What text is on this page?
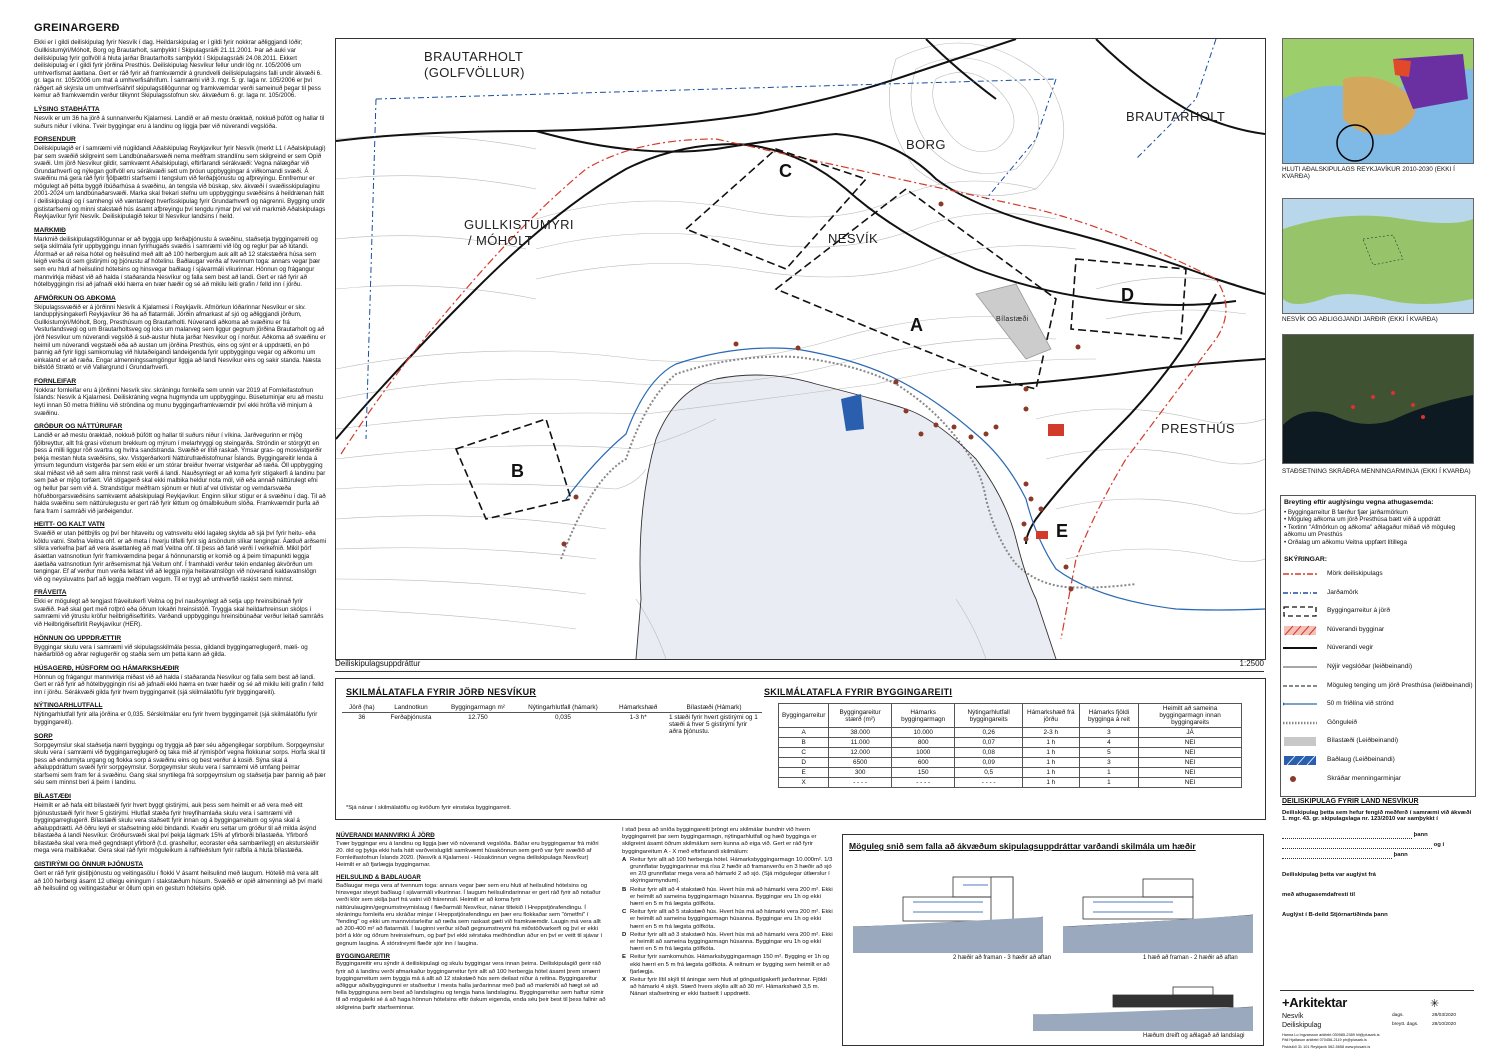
GREINARGERÐ

Ekki er í gildi deiliskipulag fyrir Nesvík í dag. Heildarskipulag er í gildi fyrir nokkrar aðliggjandi lóðir; Gullkistumýri/Móholt, Borg og Brautarholt, samþykkt í Skipulagsráði 21.11.2001. Þar að auki var deiliskipulag fyrir golfvöll á hluta jarðar Brautarholts samþykkt í Skipulagsráði 24.08.2011. Ekkert deiliskipulag er í gildi fyrir jörðina Presthús. Deiliskipulag Nesvíkur fellur undir lög nr. 105/2006 um umhverfismat áætlana. Gert er ráð fyrir að framkvæmdir á grundvelli deiliskipulagsins falli undir ákvæði 6. gr. laga nr. 105/2006 um mat á umhverfisáhrifum. Í samræmi við 3. mgr. 5. gr. laga nr. 105/2006 er því ráðgert að skýrsla um umhverfisáhrif skipulagstillögunnar og framkvæmdar verði sameinuð þegar til þess kemur að framkvæmdin verður tilkynnt Skipulagsstofnun skv. ákvæðum 6. gr. laga nr. 105/2006.

LÝSING STAÐHÁTTA

Nesvík er um 36 ha jörð á sunnanverðu Kjalarnesi. Landið er að mestu óræktað, nokkuð þúfótt og hallar til suðurs niður í víkina. Tveir byggingar eru á landinu og liggja þær við núverandi vegslóða.

FORSENDUR

Deiliskipulagið er í samræmi við núgildandi Aðalskipulag Reykjavíkur fyrir Nesvík (merkt L1 í Aðalskipulagi) þar sem svæðið skilgreint sem Landbúnaðarsvæði nema meðfram strandlínu sem skilgreind er sem Opið svæði. Um jörð Nesvíkur gildir, samkvæmt Aðalskipulagi, eftirfarandi sérákvæði: Vegna nálægðar við Grundarhverfi og nýlegan golfvöll eru sérákvæði sett um þróun uppbyggingar á viðkomandi svæði. Á svæðinu má gera ráð fyrir fjölþættri starfsemi í tengslum við ferðaþjónustu og afþreyingu. Ennfremur er mögulegt að þétta byggð íbúðarhúsa á svæðinu, án tengsla við búskap, skv. ákvæði í svæðisskipulaginu 2001-2024 um landbúnaðarsvæði. Marka skal frekari stefnu um uppbyggingu svæðisins á heildrænan hátt í deiliskipulagi og í samhengi við væntanlegt hverfisskipulag fyrir Grundarhverfi og nágrenni. Bygging undir gististarfsemi og minni stakstæð hús ásamt afþreyingu því tengdu rýmar því vel við markmið Aðalskipulags Reykjavíkur fyrir Nesvík. Deiliskipulagið tekur til Nesvíkur landsins í heild.

MARKMIÐ

Markmið deiliskipulagstillögunnar er að byggja upp ferðaþjónustu á svæðinu, staðsetja byggingarreiti og setja skilmála fyrir uppbyggingu innan fyrirhugaðs svæðis í samræmi við lög og reglur þar að lútandi. Áformað er að reisa hótel og heilsulind með allt að 100 herbergjum auk allt að 12 stakstæðra húsa sem leigð verða út sem gistirými og þjónustu af hótelinu. Baðlaugar verða af tvennum toga: annars vegar þær sem eru hluti af heilsulind hótelsins og hinsvegar baðlaug í sjávarmáli víkurinnar. Hönnun og frágangur mannvirkja miðast við að halda í staðaranda Nesvíkur og falla sem best að landi. Gert er ráð fyrir að hótelbyggingin rísi að jafnaði ekki hærra en tvær hæðir og sé að mikilu leiti grafin / felld inn í jörðu.

AFMÖRKUN OG AÐKOMA

Skipulagssvæðið er á jörðinni Nesvík á Kjalarnesi í Reykjavík. Afmörkun lóðarinnar Nesvíkur er skv. landupplýsingakerfi Reykjavíkur 36 ha að flatarmáli. Jörðin afmarkast af sjó og aðliggjandi jörðum, Gullkistumýri/Móholt, Borg, Presthúsum og Brautarholti. Núverandi aðkoma að svæðinu er frá Vesturlandsvegi og um Brautarholtsveg og loks um malarveg sem liggur gegnum jörðina Brautarholt og að jörð Nesvíkur um núverandi vegslóð á suð-austur hluta jarðar Nesvíkur og í norður. Aðkoma að svæðinu er heimil um núverandi vegstæði eða að austan um jörðina Presthús, eins og sýnt er á uppdrætti, en þó þannig að fyrir liggi samkomulag við hlutaðeigandi landeigenda fyrir uppbyggingu vegar og aðkomu um einkaland er að ræða. Engar almenningssamgöngur liggja að landi Nesvíkur eins og sakir standa. Næsta biðstöð Strætó er við Vallargrund í Grundarhverfi.

FORNLEIFAR

Nokkrar fornleifar eru á jörðinni Nesvík skv. skráningu fornleifa sem unnin var 2019 af Fornleifastofnun Íslands: Nesvík á Kjalarnesi. Deiliskráning vegna hugmynda um uppbyggingu. Búsetuminjar eru að mestu leyti innan 50 metra friðlínu við ströndina og munu byggingarframkvæmdir því ekki hrófla við minjum á svæðinu.

GRÓÐUR OG NÁTTÚRUFAR

Landið er að mestu óræktað, nokkuð þúfótt og hallar til suðurs niður í víkina. Jarðvegurinn er mjög fjölbreyttur, allt frá grasi vöxnum brekkum og mýrum í melarhryggi og steingarða. Ströndin er stórgrýtt en þess á milli liggur röð svartra og hvítra sandstranda. Svæðið er lítið raskað. Ýmsar gras- og mosvistgerðir þekja mestan hluta svæðisins, skv. Vistgerðarkorti Náttúrufræðistofnunar Íslands. Byggingareitir lenda á ýmsum tegundum vistgerða þar sem ekki er um stórar breiður hverrar vistgerðar að ræða. Öll uppbygging skal miðast við að sem allra minnst rask verði á landi. Nauðsynlegt er að koma fyrir stígakerfi á landinu þar sem það er mjög torfært. Við stígagerð skal ekki malbika heldur nota möl, við eða annað náttúrulegt efni og hellur þar sem við á. Strandstígur meðfram sjónum er hluti af vel útivistar og verndarsvæða höfuðborgarsvæðisins samkvæmt aðalskipulagi Reykjavíkur. Enginn slíkur stígur er á svæðinu í dag. Til að halda svæðinu sem náttúrulegustu er gert ráð fyrir léttum og ómalbikuðum slóða. Framkvæmdir þurfa að fara fram í samráði við jarðeigendur.

HEITT- OG KALT VATN

Svæðið er utan þéttbýlis og því ber hitaveitu og vatnsveitu ekki lagaleg skylda að sjá því fyrir heitu- eða köldu vatni. Stefna Veitna ohf. er að meta í hverju tilfelli fyrir sig ársöndum slíkar tengingar. Áætluð arðsemi slíkra verkefna þarf að vera ásættanleg að mati Veitna ohf. til þess að farið verði í verkefnið. Mikil þörf ásættan vatnsnotkun fyrir framkvæmdina þegar á hönnunarstig er komið og á þeim tímapunkti leggja áætlaða vatnsnotkun fyrir arðsemismat hjá Veitum ohf. Í framhaldi verður tekin endanleg ákvörðun um tengingar. Ef af verður mun verða leitast við að leggja nýja heitavatnslögn við núverandi kaldavatnslögn við og neysluvatns þarf að leggja meðfram vegum. Til er trygt að umhverfið raskist sem minnst.

FRÁVEITA

Ekki er mögulegt að tengjast fráveitukerfi Veitna og því nauðsynlegt að setja upp hreinsibúnað fyrir svæðið. Það skal gert með rotþró eða öðrum lokaðri hreinsistöð. Tryggja skal heildarhreinsun skólps í samræmi við ýtrustu kröfur heilbrigðiseftirlits. Varðandi uppbyggingu hreinsibúnaðar verður leitað samráðs við Heilbrigðiseftirlit Reykjavíkur (HER).

HÖNNUN OG UPPDRÆTTIR

Byggingar skulu vera í samræmi við skipulagsskilmála þessa, gildandi byggingarreglugerð, mæli- og hæðarblöð og aðrar reglugerðir og staðla sem um þetta kann að gilda.

HÚSAGERÐ, HÚSFORM OG HÁMARKSHÆÐIR

Hönnun og frágangur mannvirkja miðast við að halda í staðaranda Nesvíkur og falla sem best að landi. Gert er ráð fyrir að hótelbyggingin rísi að jafnaði ekki hærra en tvær hæðir og sé að mikilu leiti grafin / felld inn í jörðu. Sérákvæði gilda fyrir hvern byggingarreit (sjá skilmálatöflu fyrir byggingareiti).

NÝTINGARHLUTFALL

Nýtingarhlutfall fyrir alla jörðina er 0,035. Sérskilmálar eru fyrir hvern byggingarreit (sjá skilmálatöflu fyrir byggingareiti).

SORP

Sorpgeymslur skal staðsetja nærri byggingu og tryggja að þær séu aðgengilegar sorpbílum. Sorpgeymslur skulu vera í samræmi við byggingarreglugerð og taka mið af rýmisþörf vegna flokkunar sorps. Horfa skal til þess að endurnýta urgang og flokka sorp á svæðinu eins og best verður á kosið. Sýna skal á aðaluppdráttum svæði fyrir sorpgeymslur. Sorpgeymslur skulu vera í samræmi við umfang þeirrar starfsemi sem fram fer á svæðinu. Gang skal snyrtilega frá sorpgeymslum og staðsetja þær þannig að þær séu sem minnst beri á þeim í landinu.

BÍLASTÆÐI

Heimilt er að hafa eitt bílastæði fyrir hvert byggt gistirými, auk þess sem heimilt er að vera með eitt þjónustustæði fyrir hver 5 gistirými. Hlutfall stæða fyrir hreyfihamlaða skulu vera í samræmi við byggingarreglugerð. Bílastæði skulu vera staðsett fyrir innan og á byggingarreitum og sýna skal á aðaluppdrætti. Að öðru leyti er staðsetning ekki bindandi. Kvaðir eru settar um gróður til að milda ásýnd bílastæða á landi Nesvíkur. Gróðursvæði skal því þekja lágmark 15% af yfirborði bílastæða. Yfirborð bílastæða skal vera með gegndræpt yfirborð (t.d. grashellur, ecoraster eða sambærilegt) en akstursleiðir mega vera malbikaðar. Gera skal ráð fyrir möguleikum á rafhleðslum fyrir rafbíla á hluta bílastæða.

GISTIRÝMI OG ÖNNUR ÞJÓNUSTA

Gert er ráð fyrir gistiþjónustu og veitingasölu í flokki V ásamt heilsulind með laugum. Hótelið má vera allt að 100 herbergi ásamt 12 utleigu einingum í stakstæðum húsum. Svæðið er opið almenningi að því marki að heilsulind og veitingastaður er öllum opin en gestum hótelsins opið.

BRAUTARHOLT
(GOLFVÖLLUR)
BORG
BRAUTARHOLT
GULLKISTUMÝRI
/ MÓHOLT	NESVÍK
PRESTHÚS
Bílastæði
A
B
C
D
E
Deiliskipulagsuppdráttur	1:2500
SKILMÁLATAFLA FYRIR JÖRÐ NESVÍKUR
Jörð (ha)	Landnotkun	Byggingarmagn m²	Nýtingarhlutfall (hámark)	Hámarkshæð	Bílastæði (Hámark)
36	Ferðaþjónusta	12.750	0,035	1-3 h*	1 stæði fyrir hvert gistirými og 1 stæði á hver 5 gistirými fyrir aðra þjónustu.
*Sjá nánar í skilmálatöflu og kvöðum fyrir einstaka byggingarreit.
SKILMÁLATAFLA FYRIR BYGGINGAREITI
Byggingarreitur	Byggingareitur stærð (m²)	Hámarks byggingarmagn	Nýtingarhlutfall byggingareits	Hámarkshæð frá jörðu	Hámarks fjöldi bygginga á reit	Heimilt að sameina byggingarmagn innan byggingareits
A	38.000	10.000	0,26	2-3 h	3	JÁ
B	11.000	800	0,07	1 h	4	NEI
C	12.000	1000	0,08	1 h	5	NEI
D	6500	600	0,09	1 h	3	NEI
E	300	150	0,5	1 h	1	NEI
X	- - - -	- - - -	- - - -	1 h	1	NEI
NÚVERANDI MANNVIRKI Á JÖRÐ

Tvær byggingar eru á landinu og liggja þær við núverandi vegslóða. Báðar eru byggingarnar frá miðri 20. öld og þykja ekki hafa hátt varðveislugildi samkvæmt húsakönnun sem gerð var fyrir svæðið af Fornleifastofnun Íslands 2020. (Nesvík á Kjalarnesi - Húsakönnun vegna deiliskipulags Nesvíkur) Heimilt er að fjarlægja byggingarnar.

HEILSULIND & BAÐLAUGAR

Baðlaugar mega vera af tvennum toga: annars vegar þær sem eru hluti af heilsulind hótelsins og hinsvegar steypt baðlaug í sjávarmáli víkurinnar. Í laugum heilsulindarinnar er gert ráð fyrir að notaður verði klór sem skilja þarf frá vatni við frárennsli. Heimilt er að koma fyrir náttúrulauginn/gegnumstreymislaug í flæðarmáli Nesvíkur, nánar tiltekið í Hreppstjórafendingu. Í skráningu fornleifa eru skráðar minjar í Hreppstjórafendingu en þær eru flokkaðar sem "ómetfni" í "fending" og ekki um mannvistarleifar að ræða sem raskast gæti við framkvæmdir. Laugin má vera allt að 200-400 m² að flatarmáli. Í lauginni verður síðað gegnumstreymi frá miðstöðvarkerfi og því er ekki þörf á klór og öðrum hreinsiefnum, og þarf því ekki sérstaka meðhöndlun áður en því er veitt til sjávar í gegnum laugina. Á stórstreymi flæðir sjór inn í laugina.

BYGGINGAREITIR

Byggingareitir eru sýndir á deiliskipulagi og skulu byggingar vera innan þeirra. Deiliskipulagið gerir ráð fyrir að á landinu verði afmarkaður byggingarreitur fyrir allt að 100 herbergja hótel ásamt þrem smærri byggingarreitum sem byggja má á allt að 12 stakstæð hús sem deilast niður á reitina. Byggingareitur aðliggur aðalbyggingunni er staðsettur í mesta halla jarðarinnar með það að markmiði að hægt sé að fella bygginguna sem best að landslaginu og tengja hana landslaginu. Byggingarreitur sem haftur rúmir til að möguleiki sé á að haga hönnun hótelsins eftir óskum eigenda, enda séu þeir best til þess fallnir að skilgreina þarfir starfseminnar.

Í stað þess að sníða byggingareiti þröngt eru skilmálar bundnir við hvern byggingarreit þar sem byggingarmagn, nýtingarhlutfall og hæð bygginga er skilgreint ásamt öðrum skilmálum sem kunna að eiga við. Gert er ráð fyrir byggingareitum A - X með eftirfarandi skilmálum:

A Reitur fyrir allt að 100 herbergja hótel. Hámarksbyggingarmagn 10.000m². 1/3 grunnflatar byggingarinnar má rísa 2 hæðir að framanverðu en 3 hæðir að sjó en 2/3 grunnflatar mega vera að hámarki 2 að sjó. (Sjá mögulegar útlærslur í skýringarmyndum).
B Reitur fyrir allt að 4 stakstæð hús. Hvert hús má að hámarki vera 200 m². Ekki er heimilt að sameina byggingarmagn húsanna. Byggingar eru 1h og ekki hærri en 5 m frá lægsta gólfkóta.
C Reitur fyrir allt að 5 stakstæð hús. Hvert hús má að hámarki vera 200 m². Ekki er heimilt að sameina byggingarmagn húsanna. Byggingar eru 1h og ekki hærri en 5 m frá lægsta gólfkóta.
D Reitur fyrir allt að 3 stakstæð hús. Hvert hús má að hámarki vera 200 m². Ekki er heimilt að sameina byggingarmagn húsanna. Byggingar eru 1h og ekki hærri en 5 m frá lægsta gólfkóta.
E Reitur fyrir samkomuhús. Hámarksbyggingarmagn 150 m². Bygging er 1h og ekki hærri en 5 m frá lægsta gólfkóta. Á reitnum er bygging sem heimilt er að fjarlægja.
X Reitur fyrir lítil skýli til áningar sem hluti af göngustígakerfi jarðarinnar. Fjöldi að hámarki 4 skýli. Stærð hvers skýlis allt að 30 m². Hámarkshæð 3,5 m. Nánari staðsetning er ekki fastsett í uppdrætti.
Möguleg snið sem falla að ákvæðum skipulagsuppdráttar varðandi skilmála um hæðir
2 hæðir að framan - 3 hæðir að aftan	1 hæð að framan - 2 hæðir að aftan
Hæðum dreift og aðlagað að landslagi
HLUTI AÐALSKIPULAGS REYKJAVÍKUR 2010-2030 (EKKI Í KVARÐA)
NESVÍK OG AÐLIGGJANDI JARÐIR (EKKI Í KVARÐA)
STAÐSETNING SKRÁÐRA MENNINGARMINJA (EKKI Í KVARÐA)
Breyting eftir auglýsingu vegna athugasemda:
• Byggingarreitur B færður fjær jarðarmörkum
• Möguleg aðkoma um jörð Presthúsa bætt við á uppdrátt
• Textinn "Afmörkun og aðkoma" aðlagaður miðað við möguleg aðkomu um Presthús
• Orðalag um aðkomu Veitna uppfært lítillega
SKÝRINGAR:
Mörk deiliskipulags
Jarðamörk
Byggingarreitur á jörð
Núverandi bygginar
Núverandi vegir
Nýjir vegslóðar (leiðbeinandi)
Möguleg tenging um jörð Presthúsa (leiðbeinandi)
50 m friðlína við strönd
Gönguleið
Bílastæði (Leiðbeinandi)
Baðlaug (Leiðbeinandi)
Skráðar menningarminjar
DEILISKIPULAG FYRIR LAND NESVÍKUR
Deiliskipulag þetta sem hefur fengið meðferð í samræmi við ákvæði 1. mgr. 43. gr. skipulagslaga nr. 123/2010 var samþykkt í
þann
og í
þann
Deiliskipulag þetta var auglýst frá
með athugasemdafresti til
Auglýst í B-deild Stjórnartíðinda þann
+Arkitektar	✳
Nesvík
Deiliskipulag
dags.	28/03/2020
breytt. dags.	28/10/2020
Hanna Lo Ingvarsson arkitekt 030985-2389 hli@plusark.is
Páll Hjaltason arkitekt 070456-2119 ph@plusark.is
Fiskislóð 31 101 Reykjavík 562-5658 www.plusark.is
